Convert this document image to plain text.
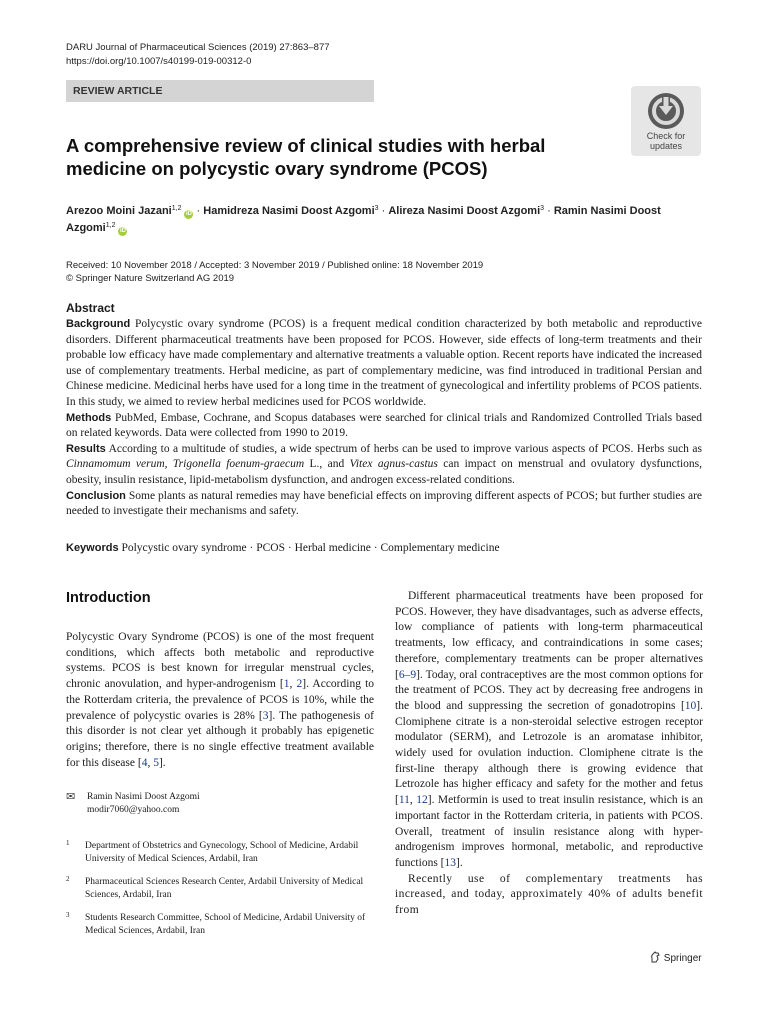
DARU Journal of Pharmaceutical Sciences (2019) 27:863–877
https://doi.org/10.1007/s40199-019-00312-0
REVIEW ARTICLE
Check for
updates
A comprehensive review of clinical studies with herbal medicine on polycystic ovary syndrome (PCOS)
Arezoo Moini Jazani$^{1,2}$iD · Hamidreza Nasimi Doost Azgomi$^3$ · Alireza Nasimi Doost Azgomi$^3$ · Ramin Nasimi Doost Azgomi$^{1,2}$iD
Received: 10 November 2018 / Accepted: 3 November 2019 / Published online: 18 November 2019
© Springer Nature Switzerland AG 2019
Abstract

Background Polycystic ovary syndrome (PCOS) is a frequent medical condition characterized by both metabolic and reproductive disorders. Different pharmaceutical treatments have been proposed for PCOS. However, side effects of long-term treatments and their probable low efficacy have made complementary and alternative treatments a valuable option. Recent reports have indicated the increased use of complementary treatments. Herbal medicine, as part of complementary medicine, was find introduced in traditional Persian and Chinese medicine. Medicinal herbs have used for a long time in the treatment of gynecological and infertility problems of PCOS patients. In this study, we aimed to review herbal medicines used for PCOS worldwide.

Methods PubMed, Embase, Cochrane, and Scopus databases were searched for clinical trials and Randomized Controlled Trials based on related keywords. Data were collected from 1990 to 2019.

Results According to a multitude of studies, a wide spectrum of herbs can be used to improve various aspects of PCOS. Herbs such as Cinnamomum verum, Trigonella foenum-graecum L., and Vitex agnus-castus can impact on menstrual and ovulatory dysfunctions, obesity, insulin resistance, lipid-metabolism dysfunction, and androgen excess-related conditions.

Conclusion Some plants as natural remedies may have beneficial effects on improving different aspects of PCOS; but further studies are needed to investigate their mechanisms and safety.

Keywords Polycystic ovary syndrome · PCOS · Herbal medicine · Complementary medicine
Introduction

Polycystic Ovary Syndrome (PCOS) is one of the most frequent conditions, which affects both metabolic and reproductive systems. PCOS is best known for irregular menstrual cycles, chronic anovulation, and hyper-androgenism [1, 2]. According to the Rotterdam criteria, the prevalence of PCOS is 10%, while the prevalence of polycystic ovaries is 28% [3]. The pathogenesis of this disorder is not clear yet although it probably has epigenetic origins; therefore, there is no single effective treatment available for this disease [4, 5].

✉ Ramin Nasimi Doost Azgomi
modir7060@yahoo.com
1 Department of Obstetrics and Gynecology, School of Medicine, Ardabil University of Medical Sciences, Ardabil, Iran
2 Pharmaceutical Sciences Research Center, Ardabil University of Medical Sciences, Ardabil, Iran
3 Students Research Committee, School of Medicine, Ardabil University of Medical Sciences, Ardabil, Iran

Different pharmaceutical treatments have been proposed for PCOS. However, they have disadvantages, such as adverse effects, low compliance of patients with long-term pharmaceutical treatments, low efficacy, and contraindications in some cases; therefore, complementary treatments can be proper alternatives [6–9]. Today, oral contraceptives are the most common options for the treatment of PCOS. They act by decreasing free androgens in the blood and suppressing the secretion of gonadotropins [10]. Clomiphene citrate is a non-steroidal selective estrogen receptor modulator (SERM), and Letrozole is an aromatase inhibitor, widely used for ovulation induction. Clomiphene citrate is the first-line therapy although there is growing evidence that Letrozole has higher efficacy and safety for the mother and fetus [11, 12]. Metformin is used to treat insulin resistance, which is an important factor in the Rotterdam criteria, in patients with PCOS. Overall, treatment of insulin resistance along with hyper-androgenism improves hormonal, metabolic, and reproductive functions [13].

Recently use of complementary treatments has increased, and today, approximately 40% of adults benefit from

Springer
